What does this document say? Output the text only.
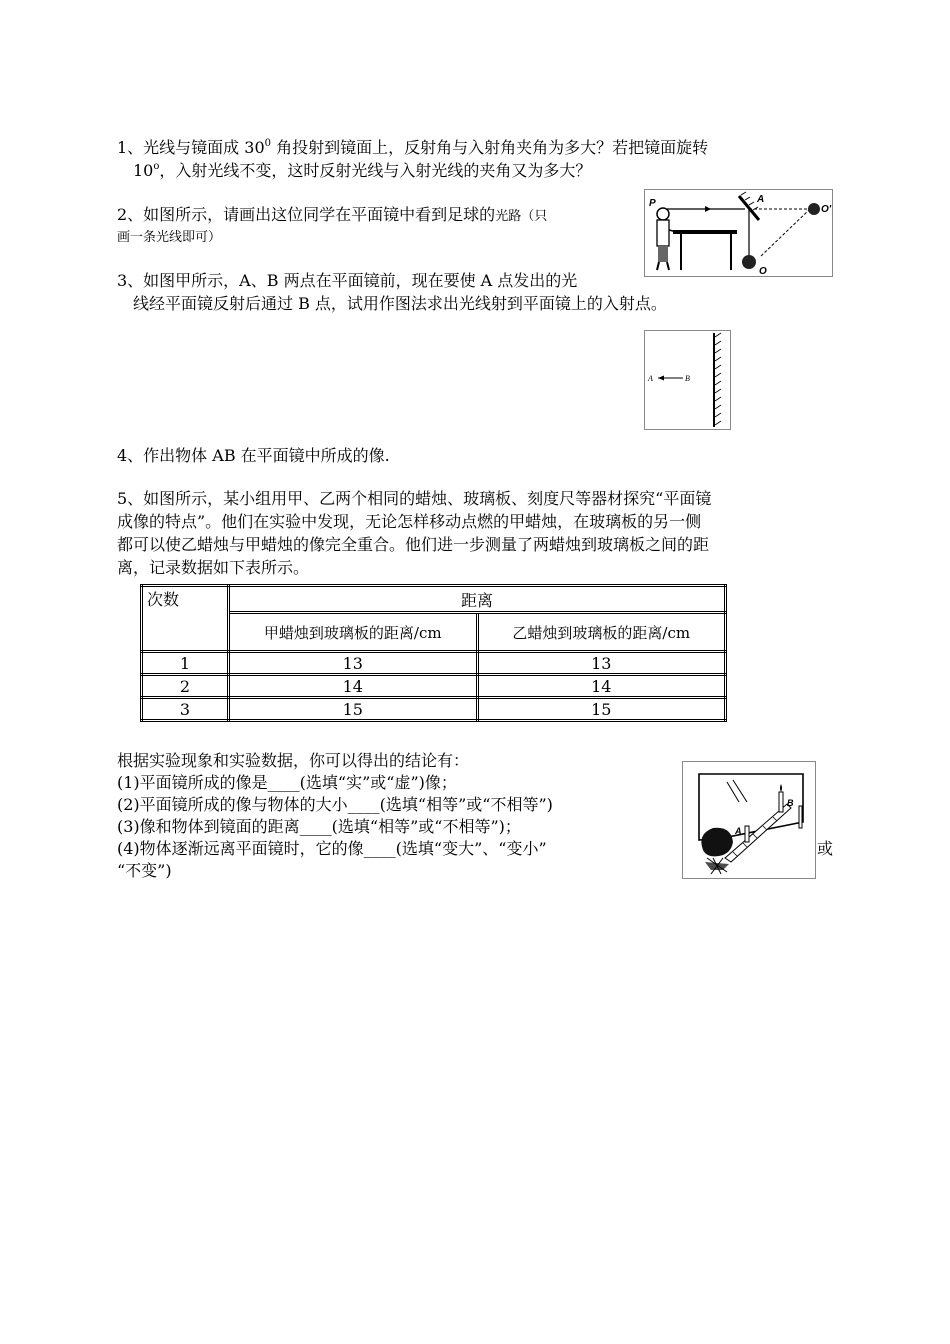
1、光线与镜面成 $30^0$ 角投射到镜面上，反射角与入射角夹角为多大？若把镜面旋转
10$^o$，入射光线不变，这时反射光线与入射光线的夹角又为多大？
2、如图所示，请画出这位同学在平面镜中看到足球的光路（只
画一条光线即可）
P	A
O
O'
3、如图甲所示，A、B 两点在平面镜前，现在要使 A 点发出的光
线经平面镜反射后通过 B 点，试用作图法求出光线射到平面镜上的入射点。
A	B
4、作出物体 AB 在平面镜中所成的像.
5、如图所示，某小组用甲、乙两个相同的蜡烛、玻璃板、刻度尺等器材探究“平面镜
成像的特点”。他们在实验中发现，无论怎样移动点燃的甲蜡烛，在玻璃板的另一侧
都可以使乙蜡烛与甲蜡烛的像完全重合。他们进一步测量了两蜡烛到玻璃板之间的距
离，记录数据如下表所示。
次数	距离	
	甲蜡烛到玻璃板的距离/cm	乙蜡烛到玻璃板的距离/cm
1	13	13
2	14	14
3	15	15
根据实验现象和实验数据，你可以得出的结论有：
(1)平面镜所成的像是____(选填“实”或“虚”)像；
(2)平面镜所成的像与物体的大小____(选填“相等”或“不相等”)
(3)像和物体到镜面的距离____(选填“相等”或“不相等”)；
(4)物体逐渐远离平面镜时，它的像____(选填“变大”、“变小”	或
“不变”)
A
B
